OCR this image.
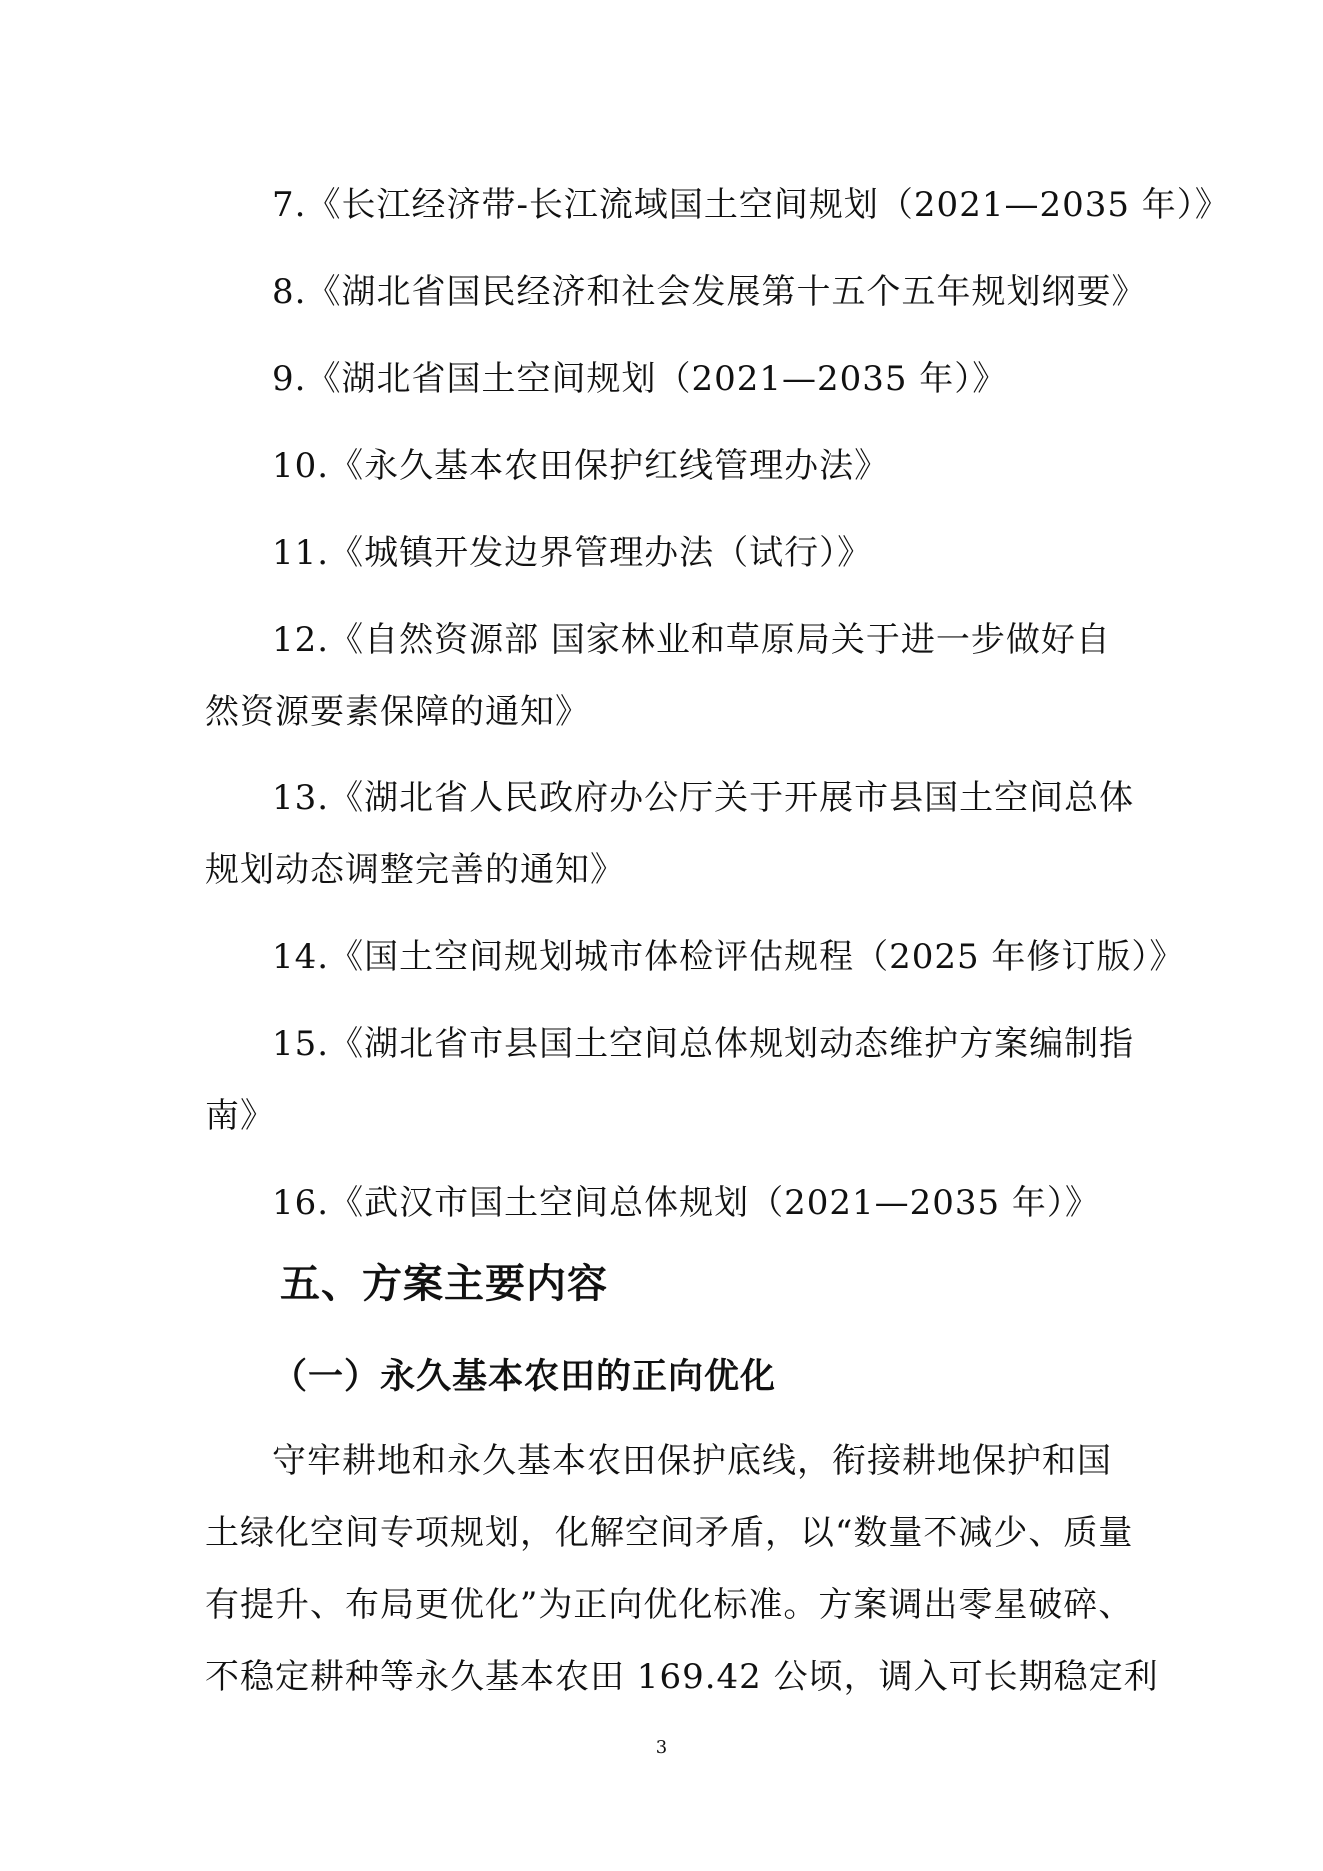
7.《长江经济带-长江流域国土空间规划（2021—2035 年）》
8.《湖北省国民经济和社会发展第十五个五年规划纲要》
9.《湖北省国土空间规划（2021—2035 年）》
10.《永久基本农田保护红线管理办法》
11.《城镇开发边界管理办法（试行）》
12.《自然资源部 国家林业和草原局关于进一步做好自
然资源要素保障的通知》
13.《湖北省人民政府办公厅关于开展市县国土空间总体
规划动态调整完善的通知》
14.《国土空间规划城市体检评估规程（2025 年修订版）》
15.《湖北省市县国土空间总体规划动态维护方案编制指
南》
16.《武汉市国土空间总体规划（2021—2035 年）》
五、方案主要内容
（一）永久基本农田的正向优化
守牢耕地和永久基本农田保护底线，衔接耕地保护和国
土绿化空间专项规划，化解空间矛盾，以“数量不减少、质量
有提升、布局更优化”为正向优化标准。方案调出零星破碎、
不稳定耕种等永久基本农田 169.42 公顷，调入可长期稳定利
3
